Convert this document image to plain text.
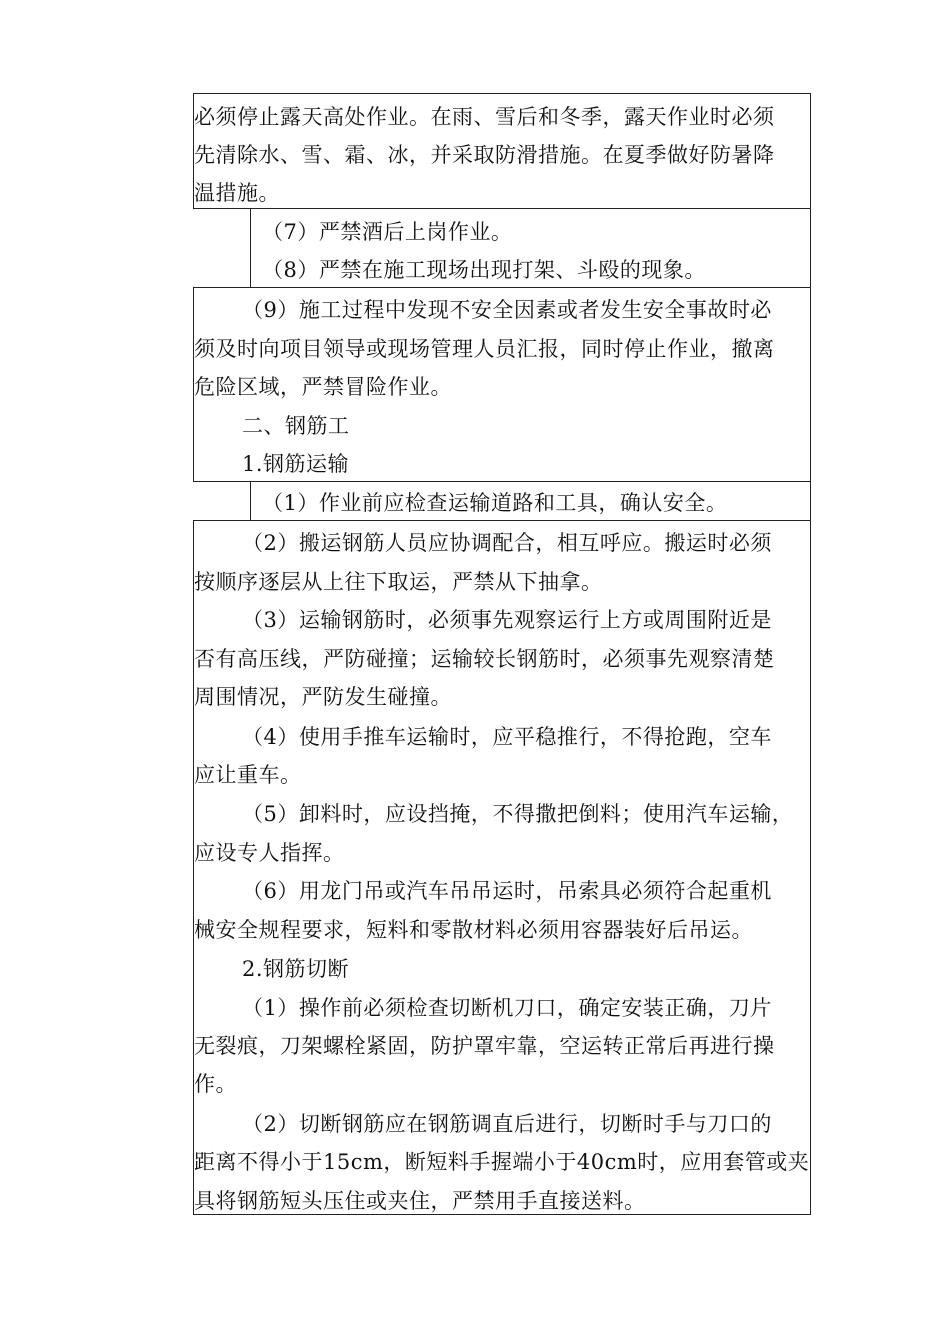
必须停止露天高处作业。在雨、雪后和冬季，露天作业时必须
先清除水、雪、霜、冰，并采取防滑措施。在夏季做好防暑降
温措施。
（7）严禁酒后上岗作业。
（8）严禁在施工现场出现打架、斗殴的现象。
（9）施工过程中发现不安全因素或者发生安全事故时必
须及时向项目领导或现场管理人员汇报，同时停止作业，撤离
危险区域，严禁冒险作业。
二、钢筋工
1.钢筋运输
（1）作业前应检查运输道路和工具，确认安全。
（2）搬运钢筋人员应协调配合，相互呼应。搬运时必须
按顺序逐层从上往下取运，严禁从下抽拿。
（3）运输钢筋时，必须事先观察运行上方或周围附近是
否有高压线，严防碰撞；运输较长钢筋时，必须事先观察清楚
周围情况，严防发生碰撞。
（4）使用手推车运输时，应平稳推行，不得抢跑，空车
应让重车。
（5）卸料时，应设挡掩，不得撒把倒料；使用汽车运输，
应设专人指挥。
（6）用龙门吊或汽车吊吊运时，吊索具必须符合起重机
械安全规程要求，短料和零散材料必须用容器装好后吊运。
2.钢筋切断
（1）操作前必须检查切断机刀口，确定安装正确，刀片
无裂痕，刀架螺栓紧固，防护罩牢靠，空运转正常后再进行操
作。
（2）切断钢筋应在钢筋调直后进行，切断时手与刀口的
距离不得小于15cm，断短料手握端小于40cm时，应用套管或夹
具将钢筋短头压住或夹住，严禁用手直接送料。
